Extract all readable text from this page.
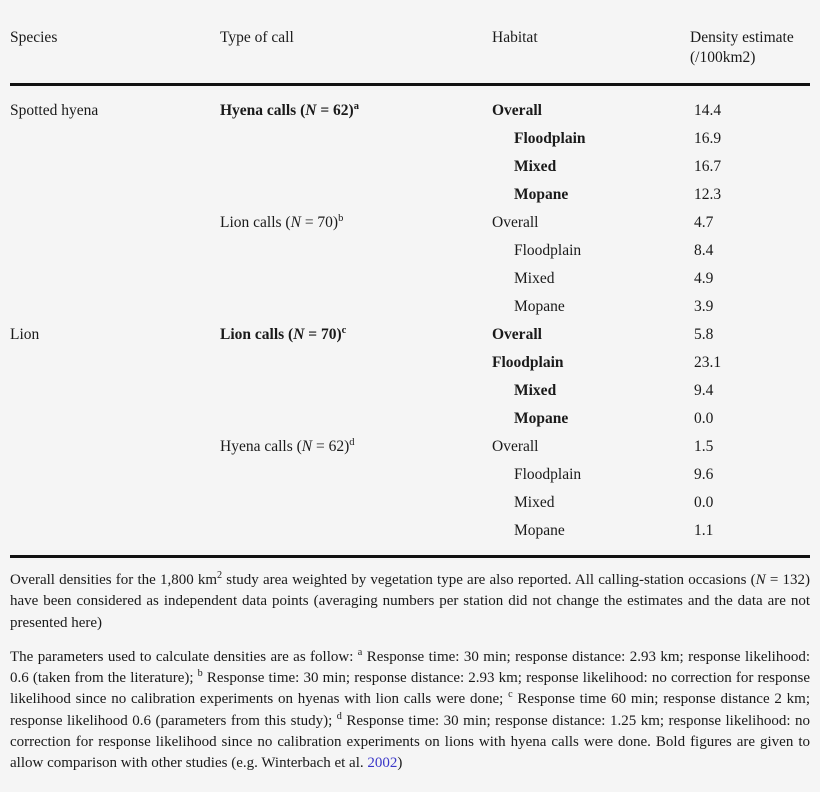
Species	Type of call	Habitat	Density estimate
(/100km2)
Spotted hyena	Hyena calls (N = 62)$^a$	Overall	14.4
		Floodplain	16.9
		Mixed	16.7
		Mopane	12.3
	Lion calls (N = 70)$^b$	Overall	4.7
		Floodplain	8.4
		Mixed	4.9
		Mopane	3.9
Lion	Lion calls (N = 70)$^c$	Overall	5.8
		Floodplain	23.1
		Mixed	9.4
		Mopane	0.0
	Hyena calls (N = 62)$^d$	Overall	1.5
		Floodplain	9.6
		Mixed	0.0
		Mopane	1.1

Overall densities for the 1,800 $km^2$ study area weighted by vegetation type are also reported. All calling-station occasions (N = 132) have been considered as independent data points (averaging numbers per station did not change the estimates and the data are not presented here)

The parameters used to calculate densities are as follow: $^a$ Response time: 30 min; response distance: 2.93 km; response likelihood: 0.6 (taken from the literature); $^b$ Response time: 30 min; response distance: 2.93 km; response likelihood: no correction for response likelihood since no calibration experiments on hyenas with lion calls were done; $^c$ Response time 60 min; response distance 2 km; response likelihood 0.6 (parameters from this study); $^d$ Response time: 30 min; response distance: 1.25 km; response likelihood: no correction for response likelihood since no calibration experiments on lions with hyena calls were done. Bold figures are given to allow comparison with other studies (e.g. Winterbach et al. 2002)
